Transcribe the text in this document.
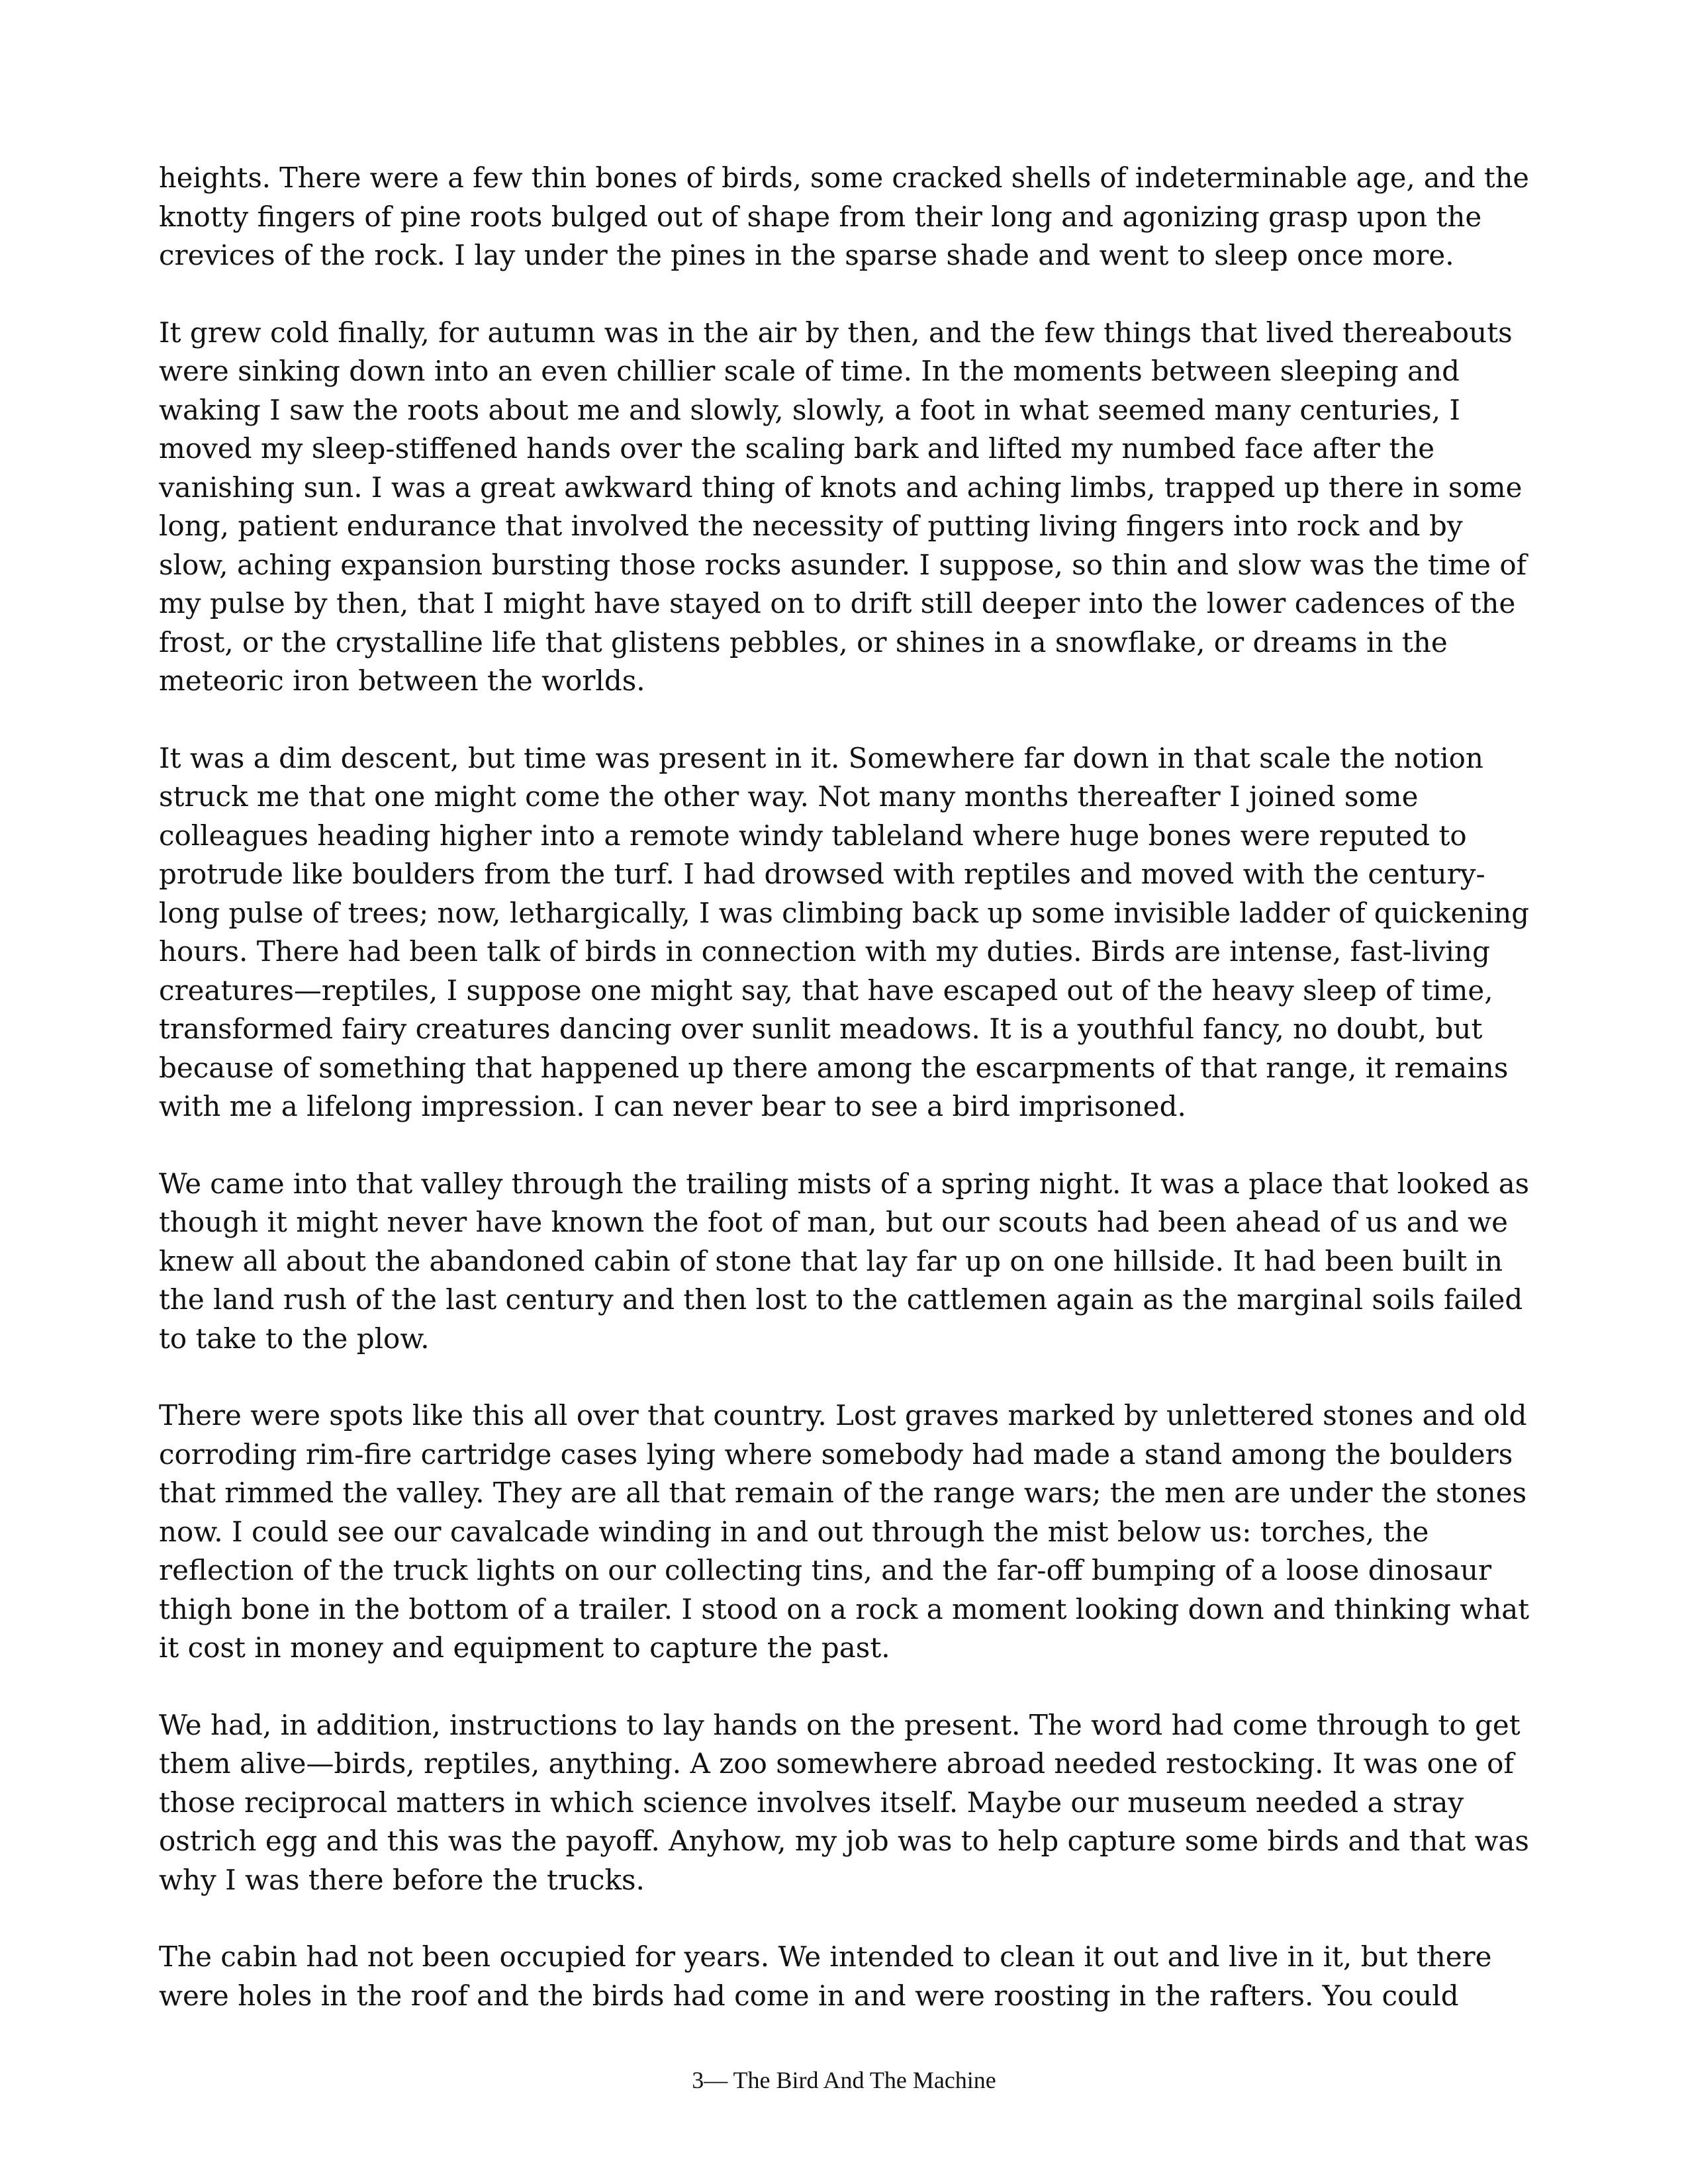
heights. There were a few thin bones of birds, some cracked shells of indeterminable age, and the
knotty fingers of pine roots bulged out of shape from their long and agonizing grasp upon the
crevices of the rock. I lay under the pines in the sparse shade and went to sleep once more.

It grew cold finally, for autumn was in the air by then, and the few things that lived thereabouts
were sinking down into an even chillier scale of time. In the moments between sleeping and
waking I saw the roots about me and slowly, slowly, a foot in what seemed many centuries, I
moved my sleep-stiffened hands over the scaling bark and lifted my numbed face after the
vanishing sun. I was a great awkward thing of knots and aching limbs, trapped up there in some
long, patient endurance that involved the necessity of putting living fingers into rock and by
slow, aching expansion bursting those rocks asunder. I suppose, so thin and slow was the time of
my pulse by then, that I might have stayed on to drift still deeper into the lower cadences of the
frost, or the crystalline life that glistens pebbles, or shines in a snowflake, or dreams in the
meteoric iron between the worlds.

It was a dim descent, but time was present in it. Somewhere far down in that scale the notion
struck me that one might come the other way. Not many months thereafter I joined some
colleagues heading higher into a remote windy tableland where huge bones were reputed to
protrude like boulders from the turf. I had drowsed with reptiles and moved with the century-
long pulse of trees; now, lethargically, I was climbing back up some invisible ladder of quickening
hours. There had been talk of birds in connection with my duties. Birds are intense, fast-living
creatures—reptiles, I suppose one might say, that have escaped out of the heavy sleep of time,
transformed fairy creatures dancing over sunlit meadows. It is a youthful fancy, no doubt, but
because of something that happened up there among the escarpments of that range, it remains
with me a lifelong impression. I can never bear to see a bird imprisoned.

We came into that valley through the trailing mists of a spring night. It was a place that looked as
though it might never have known the foot of man, but our scouts had been ahead of us and we
knew all about the abandoned cabin of stone that lay far up on one hillside. It had been built in
the land rush of the last century and then lost to the cattlemen again as the marginal soils failed
to take to the plow.

There were spots like this all over that country. Lost graves marked by unlettered stones and old
corroding rim-fire cartridge cases lying where somebody had made a stand among the boulders
that rimmed the valley. They are all that remain of the range wars; the men are under the stones
now. I could see our cavalcade winding in and out through the mist below us: torches, the
reflection of the truck lights on our collecting tins, and the far-off bumping of a loose dinosaur
thigh bone in the bottom of a trailer. I stood on a rock a moment looking down and thinking what
it cost in money and equipment to capture the past.

We had, in addition, instructions to lay hands on the present. The word had come through to get
them alive—birds, reptiles, anything. A zoo somewhere abroad needed restocking. It was one of
those reciprocal matters in which science involves itself. Maybe our museum needed a stray
ostrich egg and this was the payoff. Anyhow, my job was to help capture some birds and that was
why I was there before the trucks.

The cabin had not been occupied for years. We intended to clean it out and live in it, but there
were holes in the roof and the birds had come in and were roosting in the rafters. You could

3— The Bird And The Machine
